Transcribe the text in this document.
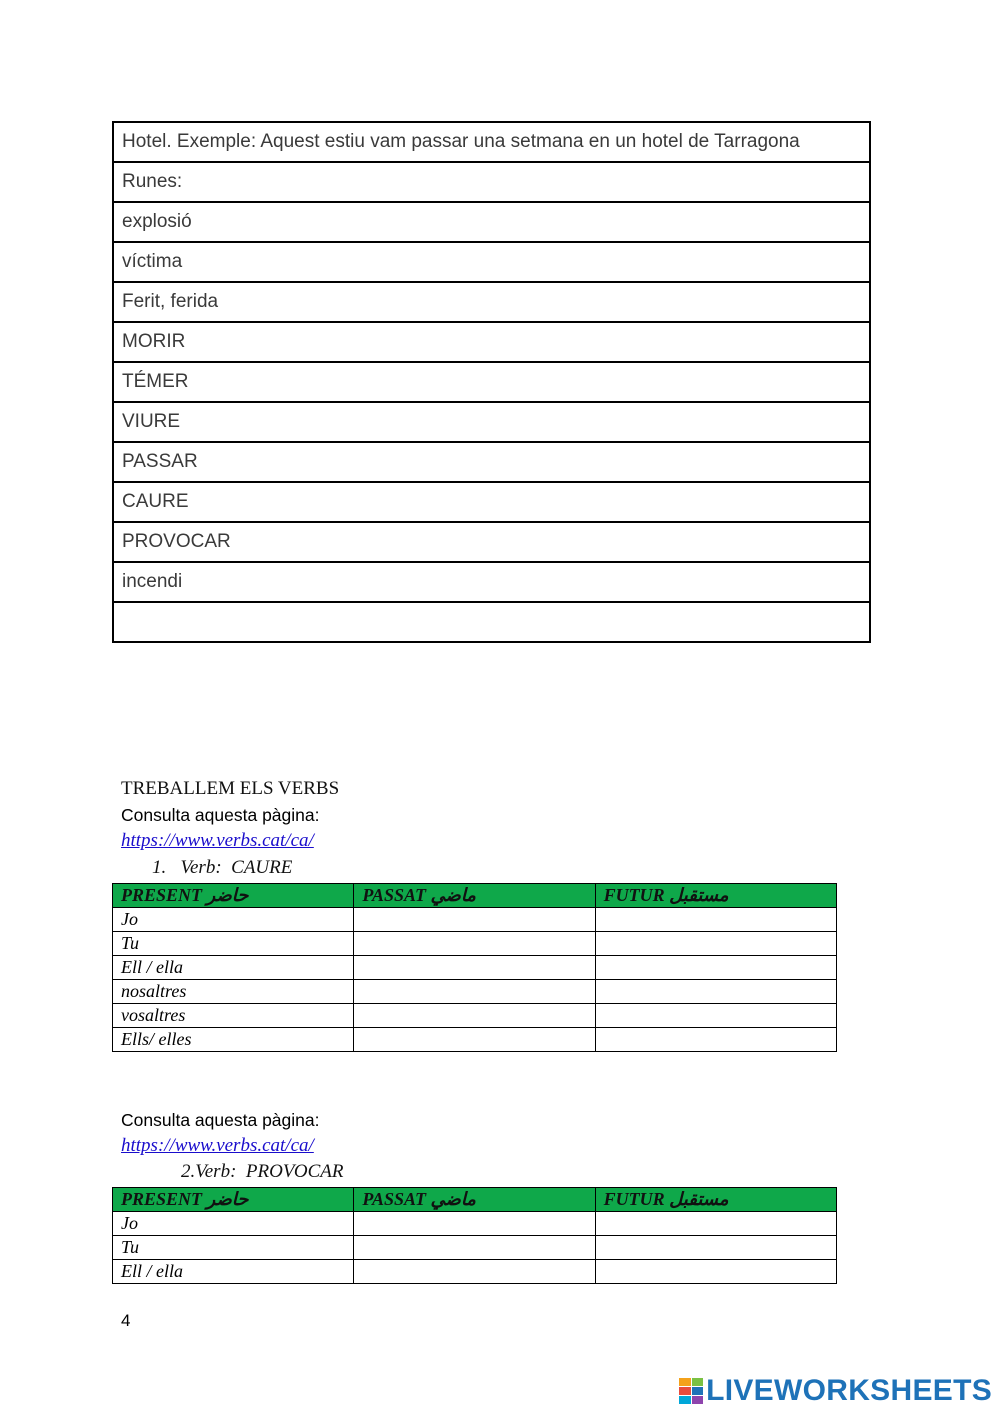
Hotel. Exemple: Aquest estiu vam passar una setmana en un hotel de Tarragona
Runes:
explosió
víctima
Ferit, ferida
MORIR
TÉMER
VIURE
PASSAR
CAURE
PROVOCAR
incendi

TREBALLEM ELS VERBS
Consulta aquesta pàgina:
https://www.verbs.cat/ca/
1.   Verb:  CAURE
PRESENT حاضر	PASSAT ماضي	FUTUR مستقبل
Jo		
Tu		
Ell / ella		
nosaltres		
vosaltres		
Ells/ elles		
Consulta aquesta pàgina:
https://www.verbs.cat/ca/
2.Verb:  PROVOCAR
PRESENT حاضر	PASSAT ماضي	FUTUR مستقبل
Jo		
Tu		
Ell / ella		
4
LIVEWORKSHEETS
